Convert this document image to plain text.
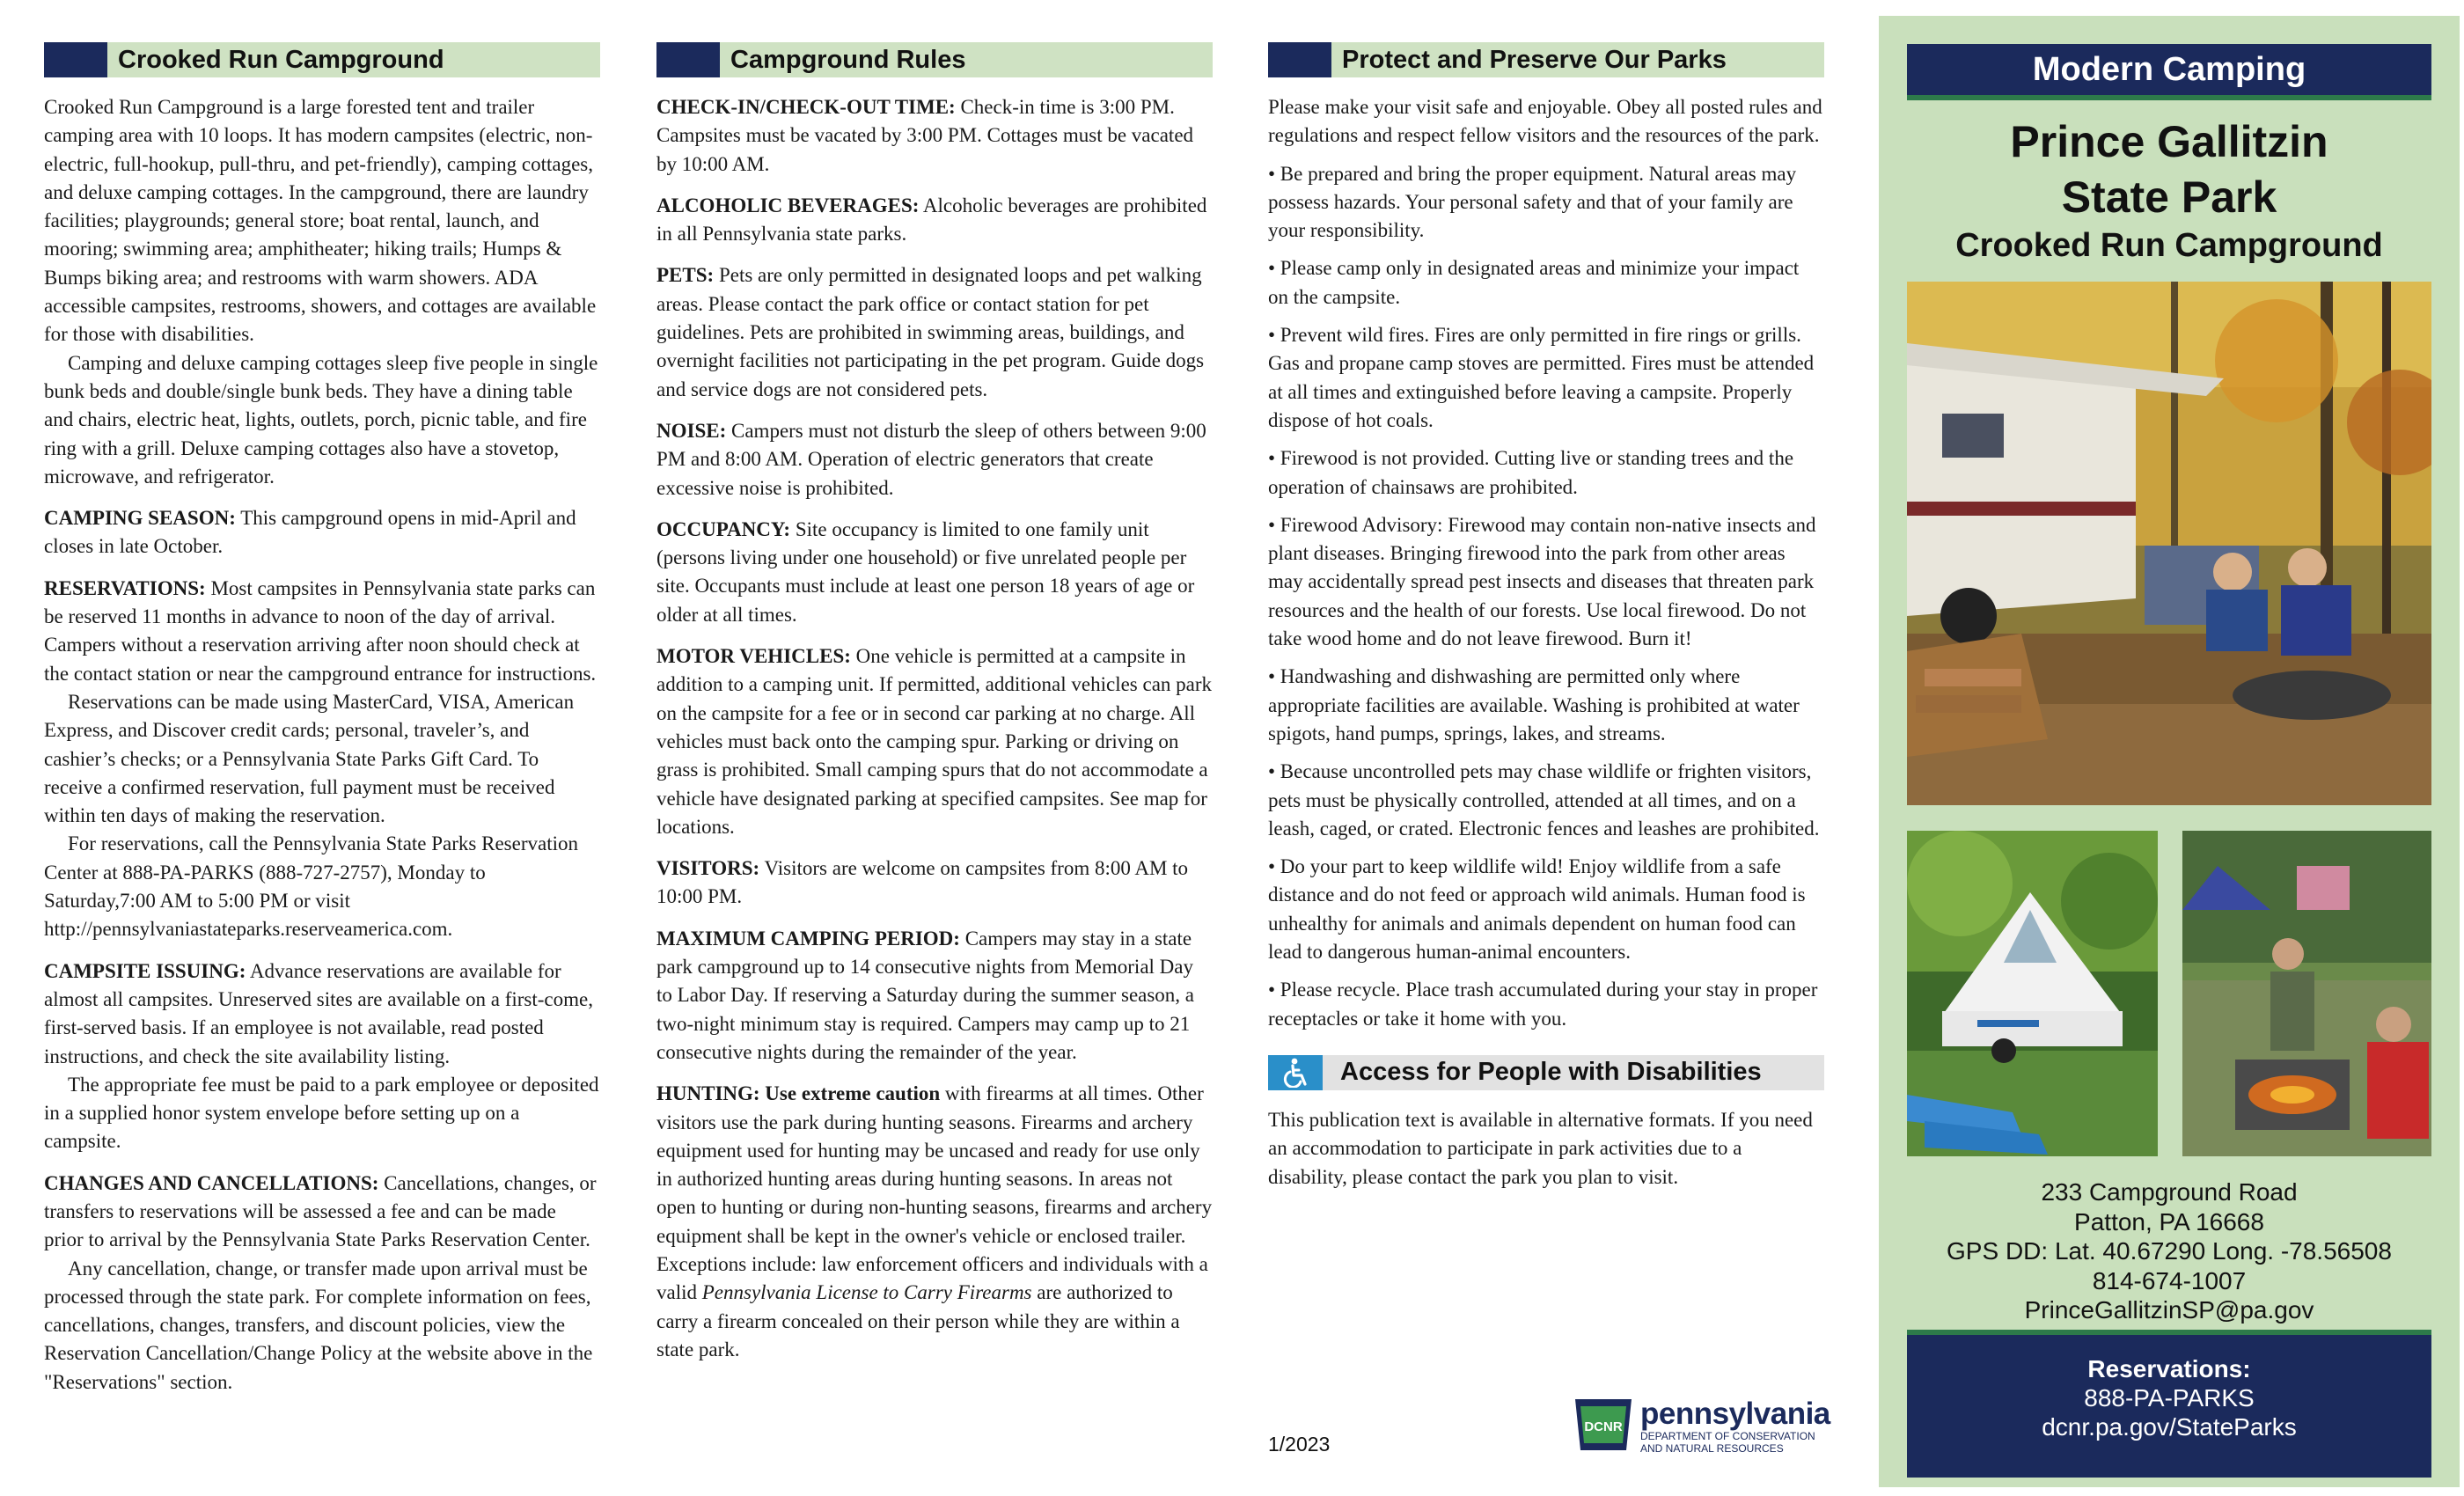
Crooked Run Campground

Crooked Run Campground is a large forested tent and trailer camping area with 10 loops. It has modern campsites (electric, non-electric, full-hookup, pull-thru, and pet-friendly), camping cottages, and deluxe camping cottages. In the campground, there are laundry facilities; playgrounds; general store; boat rental, launch, and mooring; swimming area; amphitheater; hiking trails; Humps & Bumps biking area; and restrooms with warm showers. ADA accessible campsites, restrooms, showers, and cottages are available for those with disabilities.

Camping and deluxe camping cottages sleep five people in single bunk beds and double/single bunk beds. They have a dining table and chairs, electric heat, lights, outlets, porch, picnic table, and fire ring with a grill. Deluxe camping cottages also have a stovetop, microwave, and refrigerator.

CAMPING SEASON: This campground opens in mid-April and closes in late October.

RESERVATIONS: Most campsites in Pennsylvania state parks can be reserved 11 months in advance to noon of the day of arrival. Campers without a reservation arriving after noon should check at the contact station or near the campground entrance for instructions.

Reservations can be made using MasterCard, VISA, American Express, and Discover credit cards; personal, traveler’s, and cashier’s checks; or a Pennsylvania State Parks Gift Card. To receive a confirmed reservation, full payment must be received within ten days of making the reservation.

For reservations, call the Pennsylvania State Parks Reservation Center at 888-PA-PARKS (888-727-2757), Monday to Saturday,7:00 AM to 5:00 PM or visit http://pennsylvaniastateparks.reserveamerica.com.

CAMPSITE ISSUING: Advance reservations are available for almost all campsites. Unreserved sites are available on a first-come, first-served basis. If an employee is not available, read posted instructions, and check the site availability listing.

The appropriate fee must be paid to a park employee or deposited in a supplied honor system envelope before setting up on a campsite.

CHANGES AND CANCELLATIONS: Cancellations, changes, or transfers to reservations will be assessed a fee and can be made prior to arrival by the Pennsylvania State Parks Reservation Center.

Any cancellation, change, or transfer made upon arrival must be processed through the state park. For complete information on fees, cancellations, changes, transfers, and discount policies, view the Reservation Cancellation/Change Policy at the website above in the "Reservations" section.

Campground Rules

CHECK-IN/CHECK-OUT TIME: Check-in time is 3:00 PM. Campsites must be vacated by 3:00 PM. Cottages must be vacated by 10:00 AM.

ALCOHOLIC BEVERAGES: Alcoholic beverages are prohibited in all Pennsylvania state parks.

PETS: Pets are only permitted in designated loops and pet walking areas. Please contact the park office or contact station for pet guidelines. Pets are prohibited in swimming areas, buildings, and overnight facilities not participating in the pet program. Guide dogs and service dogs are not considered pets.

NOISE: Campers must not disturb the sleep of others between 9:00 PM and 8:00 AM. Operation of electric generators that create excessive noise is prohibited.

OCCUPANCY: Site occupancy is limited to one family unit (persons living under one household) or five unrelated people per site. Occupants must include at least one person 18 years of age or older at all times.

MOTOR VEHICLES: One vehicle is permitted at a campsite in addition to a camping unit. If permitted, additional vehicles can park on the campsite for a fee or in second car parking at no charge. All vehicles must back onto the camping spur. Parking or driving on grass is prohibited. Small camping spurs that do not accommodate a vehicle have designated parking at specified campsites. See map for locations.

VISITORS: Visitors are welcome on campsites from 8:00 AM to 10:00 PM.

MAXIMUM CAMPING PERIOD: Campers may stay in a state park campground up to 14 consecutive nights from Memorial Day to Labor Day. If reserving a Saturday during the summer season, a two-night minimum stay is required. Campers may camp up to 21 consecutive nights during the remainder of the year.

HUNTING: Use extreme caution with firearms at all times. Other visitors use the park during hunting seasons. Firearms and archery equipment used for hunting may be uncased and ready for use only in authorized hunting areas during hunting seasons. In areas not open to hunting or during non-hunting seasons, firearms and archery equipment shall be kept in the owner's vehicle or enclosed trailer. Exceptions include: law enforcement officers and individuals with a valid Pennsylvania License to Carry Firearms are authorized to carry a firearm concealed on their person while they are within a state park.

Protect and Preserve Our Parks

Please make your visit safe and enjoyable. Obey all posted rules and regulations and respect fellow visitors and the resources of the park.

• Be prepared and bring the proper equipment. Natural areas may possess hazards. Your personal safety and that of your family are your responsibility.

• Please camp only in designated areas and minimize your impact on the campsite.

• Prevent wild fires. Fires are only permitted in fire rings or grills. Gas and propane camp stoves are permitted. Fires must be attended at all times and extinguished before leaving a campsite. Properly dispose of hot coals.

• Firewood is not provided. Cutting live or standing trees and the operation of chainsaws are prohibited.

• Firewood Advisory: Firewood may contain non-native insects and plant diseases. Bringing firewood into the park from other areas may accidentally spread pest insects and diseases that threaten park resources and the health of our forests. Use local firewood. Do not take wood home and do not leave firewood. Burn it!

• Handwashing and dishwashing are permitted only where appropriate facilities are available. Washing is prohibited at water spigots, hand pumps, springs, lakes, and streams.

• Because uncontrolled pets may chase wildlife or frighten visitors, pets must be physically controlled, attended at all times, and on a leash, caged, or crated. Electronic fences and leashes are prohibited.

• Do your part to keep wildlife wild! Enjoy wildlife from a safe distance and do not feed or approach wild animals. Human food is unhealthy for animals and animals dependent on human food can lead to dangerous human-animal encounters.

• Please recycle. Place trash accumulated during your stay in proper receptacles or take it home with you.

Access for People with Disabilities

This publication text is available in alternative formats. If you need an accommodation to participate in park activities due to a disability, please contact the park you plan to visit.

1/2023
DCNR pennsylvania
DEPARTMENT OF CONSERVATION
AND NATURAL RESOURCES
Modern Camping
Prince Gallitzin
State Park
Crooked Run Campground
233 Campground Road
Patton, PA 16668
GPS DD: Lat. 40.67290 Long. -78.56508
814-674-1007
PrinceGallitzinSP@pa.gov
Reservations:
888-PA-PARKS
dcnr.pa.gov/StateParks
